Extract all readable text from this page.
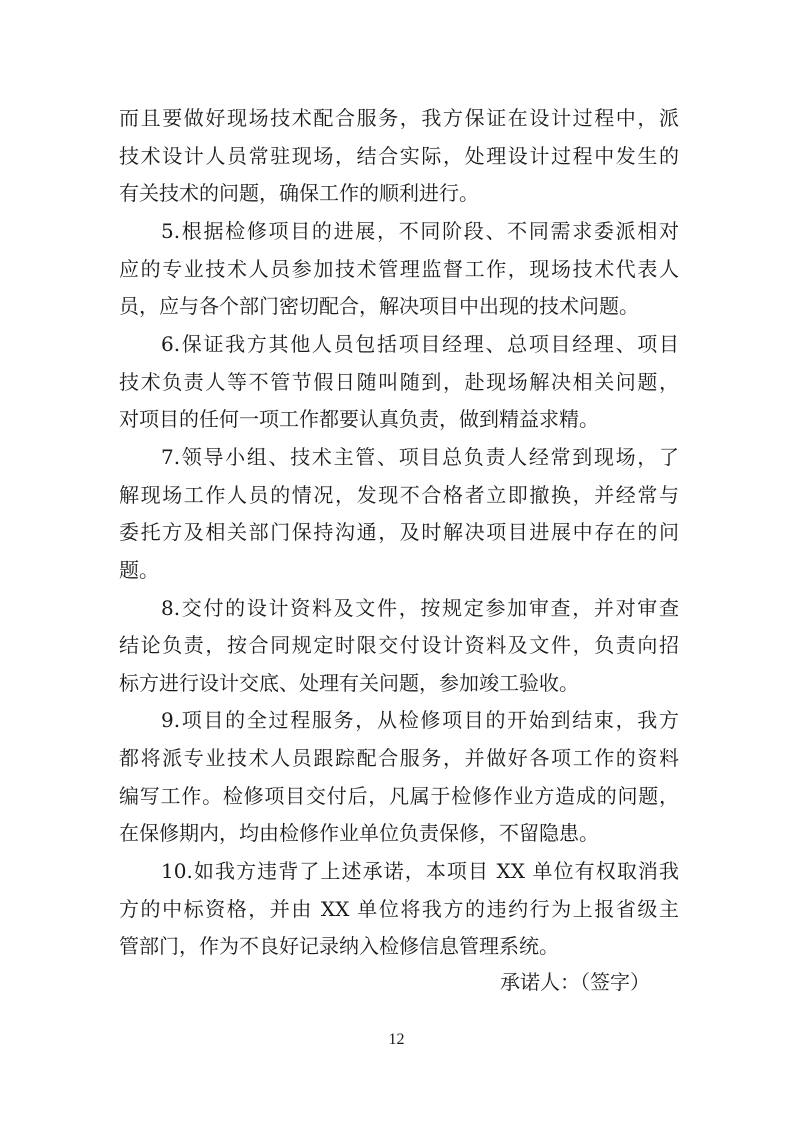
而且要做好现场技术配合服务，我方保证在设计过程中，派
技术设计人员常驻现场，结合实际，处理设计过程中发生的
有关技术的问题，确保工作的顺利进行。
5.根据检修项目的进展，不同阶段、不同需求委派相对
应的专业技术人员参加技术管理监督工作，现场技术代表人
员，应与各个部门密切配合，解决项目中出现的技术问题。
6.保证我方其他人员包括项目经理、总项目经理、项目
技术负责人等不管节假日随叫随到，赴现场解决相关问题，
对项目的任何一项工作都要认真负责，做到精益求精。
7.领导小组、技术主管、项目总负责人经常到现场，了
解现场工作人员的情况，发现不合格者立即撤换，并经常与
委托方及相关部门保持沟通，及时解决项目进展中存在的问
题。
8.交付的设计资料及文件，按规定参加审查，并对审查
结论负责，按合同规定时限交付设计资料及文件，负责向招
标方进行设计交底、处理有关问题，参加竣工验收。
9.项目的全过程服务，从检修项目的开始到结束，我方
都将派专业技术人员跟踪配合服务，并做好各项工作的资料
编写工作。检修项目交付后，凡属于检修作业方造成的问题，
在保修期内，均由检修作业单位负责保修，不留隐患。
10.如我方违背了上述承诺，本项目 XX 单位有权取消我
方的中标资格，并由 XX 单位将我方的违约行为上报省级主
管部门，作为不良好记录纳入检修信息管理系统。
承诺人：（签字）
12
